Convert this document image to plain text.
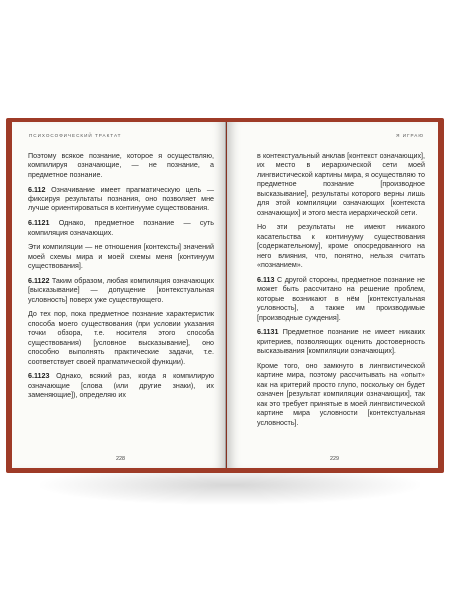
ПСИХОСОФИЧЕСКИЙ ТРАКТАТ

Поэтому всякое познание, которое я осуществляю, компилируя означающие, — не познание, а предметное познание.

6.112 Означивание имеет прагматическую цель — фиксируя результаты познания, оно позволяет мне лучше ориентироваться в континууме существования.

6.1121 Однако, предметное познание — суть компиляция означающих.

Эти компиляции — не отношения [контексты] значений моей схемы мира и моей схемы меня [континуум существования].

6.1122 Таким образом, любая компиляция означающих [высказывание] — допущение [контекстуальная условность] поверх уже существующего.

До тех пор, пока предметное познание характеристик способа моего существования (при условии указания точки обзора, т.е. носителя этого способа существования) [условное высказывание], оно способно выполнять практические задачи, т.е. соответствует своей прагматической функции).

6.1123 Однако, всякий раз, когда я компилирую означающие [слова (или другие знаки), их заменяющие]), определяю их

228
Я ИГРАЮ

в контекстуальный анклав [контекст означающих], их место в иерархической сети моей лингвистической картины мира, я осуществляю то предметное познание [производное высказывание], результаты которого верны лишь для этой компиляции означающих [контекста означающих] и этого места иерархической сети.

Но эти результаты не имеют никакого касательства к континууму существования [содержательному], кроме опосредованного на него влияния, что, понятно, нельзя считать «познанием».

6.113 С другой стороны, предметное познание не может быть рассчитано на решение проблем, которые возникают в нём [контекстуальная условность], а также им производимые [производные суждения].

6.1131 Предметное познание не имеет никаких критериев, позволяющих оценить достоверность высказывания [компиляции означающих].

Кроме того, оно замкнуто в лингвистической картине мира, поэтому рассчитывать на «опыт» как на критерий просто глупо, поскольку он будет означен [результат компиляции означающих], так как это требует принятые в моей лингвистической картине мира условности [контекстуальная условность].

229
